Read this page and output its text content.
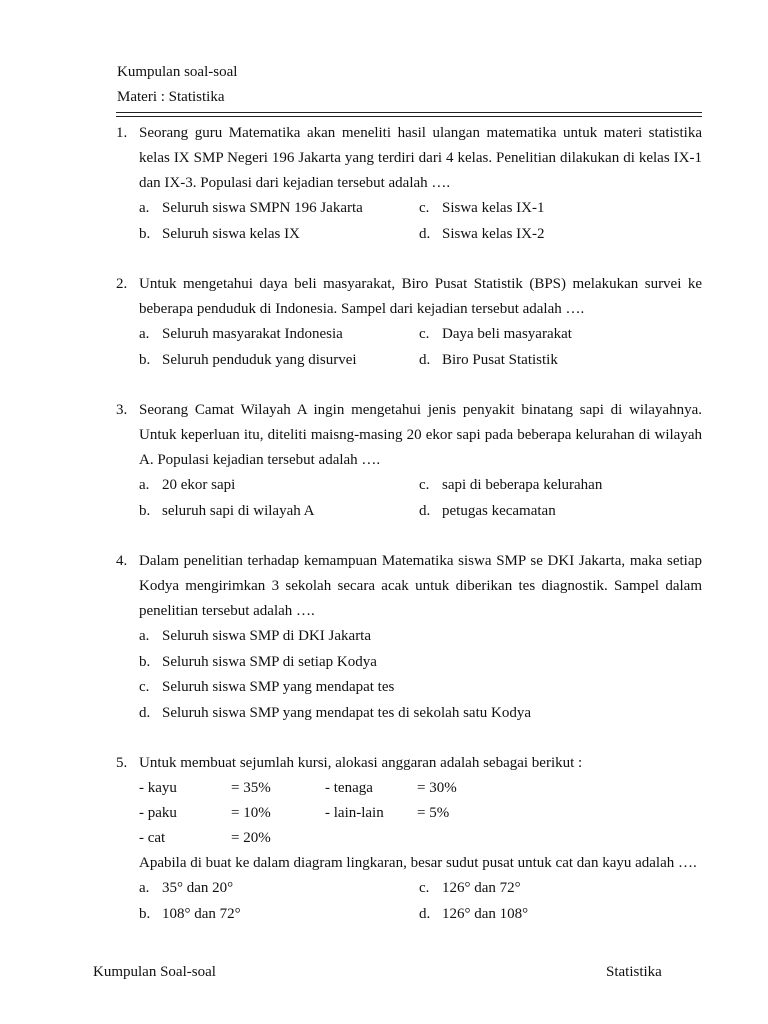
Kumpulan soal-soal
Materi : Statistika
1. Seorang guru Matematika akan meneliti hasil ulangan matematika untuk materi statistika kelas IX SMP Negeri 196 Jakarta yang terdiri dari 4 kelas. Penelitian dilakukan di kelas IX-1 dan IX-3. Populasi dari kejadian tersebut adalah ….
a. Seluruh siswa SMPN 196 Jakarta	c. Siswa kelas IX-1
b. Seluruh siswa kelas IX	d. Siswa kelas IX-2
2. Untuk mengetahui daya beli masyarakat, Biro Pusat Statistik (BPS) melakukan survei ke beberapa penduduk di Indonesia. Sampel dari kejadian tersebut adalah ….
a. Seluruh masyarakat Indonesia	c. Daya beli masyarakat
b. Seluruh penduduk yang disurvei	d. Biro Pusat Statistik
3. Seorang Camat Wilayah A ingin mengetahui jenis penyakit binatang sapi di wilayahnya. Untuk keperluan itu, diteliti maisng-masing 20 ekor sapi pada beberapa kelurahan di wilayah A. Populasi kejadian tersebut adalah ….
a. 20 ekor sapi	c. sapi di beberapa kelurahan
b. seluruh sapi di wilayah A	d. petugas kecamatan
4. Dalam penelitian terhadap kemampuan Matematika siswa SMP se DKI Jakarta, maka setiap Kodya mengirimkan 3 sekolah secara acak untuk diberikan tes diagnostik. Sampel dalam penelitian tersebut adalah ….
a. Seluruh siswa SMP di DKI Jakarta
b. Seluruh siswa SMP di setiap Kodya
c. Seluruh siswa SMP yang mendapat tes
d. Seluruh siswa SMP yang mendapat tes di sekolah satu Kodya
5. Untuk membuat sejumlah kursi, alokasi anggaran adalah sebagai berikut :
- kayu	= 35%	- tenaga	= 30%
- paku	= 10%	- lain-lain	= 5%
- cat	= 20%
Apabila di buat ke dalam diagram lingkaran, besar sudut pusat untuk cat dan kayu adalah ….
a. 35° dan 20°	c. 126° dan 72°
b. 108° dan 72°	d. 126° dan 108°
Kumpulan Soal-soal	Statistika
